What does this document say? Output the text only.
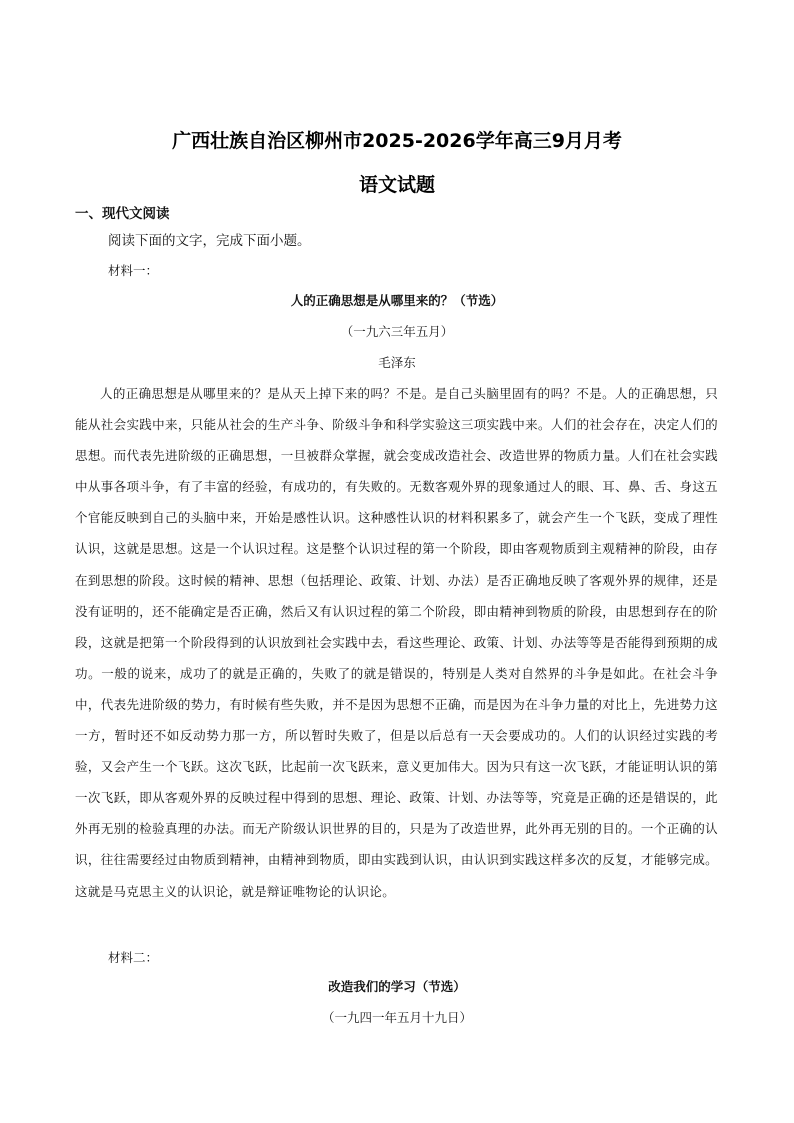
广西壮族自治区柳州市2025-2026学年高三9月月考
语文试题
一、现代文阅读
阅读下面的文字，完成下面小题。
材料一：
人的正确思想是从哪里来的？（节选）
（一九六三年五月）
毛泽东

人的正确思想是从哪里来的？是从天上掉下来的吗？不是。是自己头脑里固有的吗？不是。人的正确思想，只能从社会实践中来，只能从社会的生产斗争、阶级斗争和科学实验这三项实践中来。人们的社会存在，决定人们的思想。而代表先进阶级的正确思想，一旦被群众掌握，就会变成改造社会、改造世界的物质力量。人们在社会实践中从事各项斗争，有了丰富的经验，有成功的，有失败的。无数客观外界的现象通过人的眼、耳、鼻、舌、身这五个官能反映到自己的头脑中来，开始是感性认识。这种感性认识的材料积累多了，就会产生一个飞跃，变成了理性认识，这就是思想。这是一个认识过程。这是整个认识过程的第一个阶段，即由客观物质到主观精神的阶段，由存在到思想的阶段。这时候的精神、思想（包括理论、政策、计划、办法）是否正确地反映了客观外界的规律，还是没有证明的，还不能确定是否正确，然后又有认识过程的第二个阶段，即由精神到物质的阶段，由思想到存在的阶段，这就是把第一个阶段得到的认识放到社会实践中去，看这些理论、政策、计划、办法等等是否能得到预期的成功。一般的说来，成功了的就是正确的，失败了的就是错误的，特别是人类对自然界的斗争是如此。在社会斗争中，代表先进阶级的势力，有时候有些失败，并不是因为思想不正确，而是因为在斗争力量的对比上，先进势力这一方，暂时还不如反动势力那一方，所以暂时失败了，但是以后总有一天会要成功的。人们的认识经过实践的考验，又会产生一个飞跃。这次飞跃，比起前一次飞跃来，意义更加伟大。因为只有这一次飞跃，才能证明认识的第一次飞跃，即从客观外界的反映过程中得到的思想、理论、政策、计划、办法等等，究竟是正确的还是错误的，此外再无别的检验真理的办法。而无产阶级认识世界的目的，只是为了改造世界，此外再无别的目的。一个正确的认识，往往需要经过由物质到精神，由精神到物质，即由实践到认识，由认识到实践这样多次的反复，才能够完成。这就是马克思主义的认识论，就是辩证唯物论的认识论。

材料二：
改造我们的学习（节选）
（一九四一年五月十九日）
